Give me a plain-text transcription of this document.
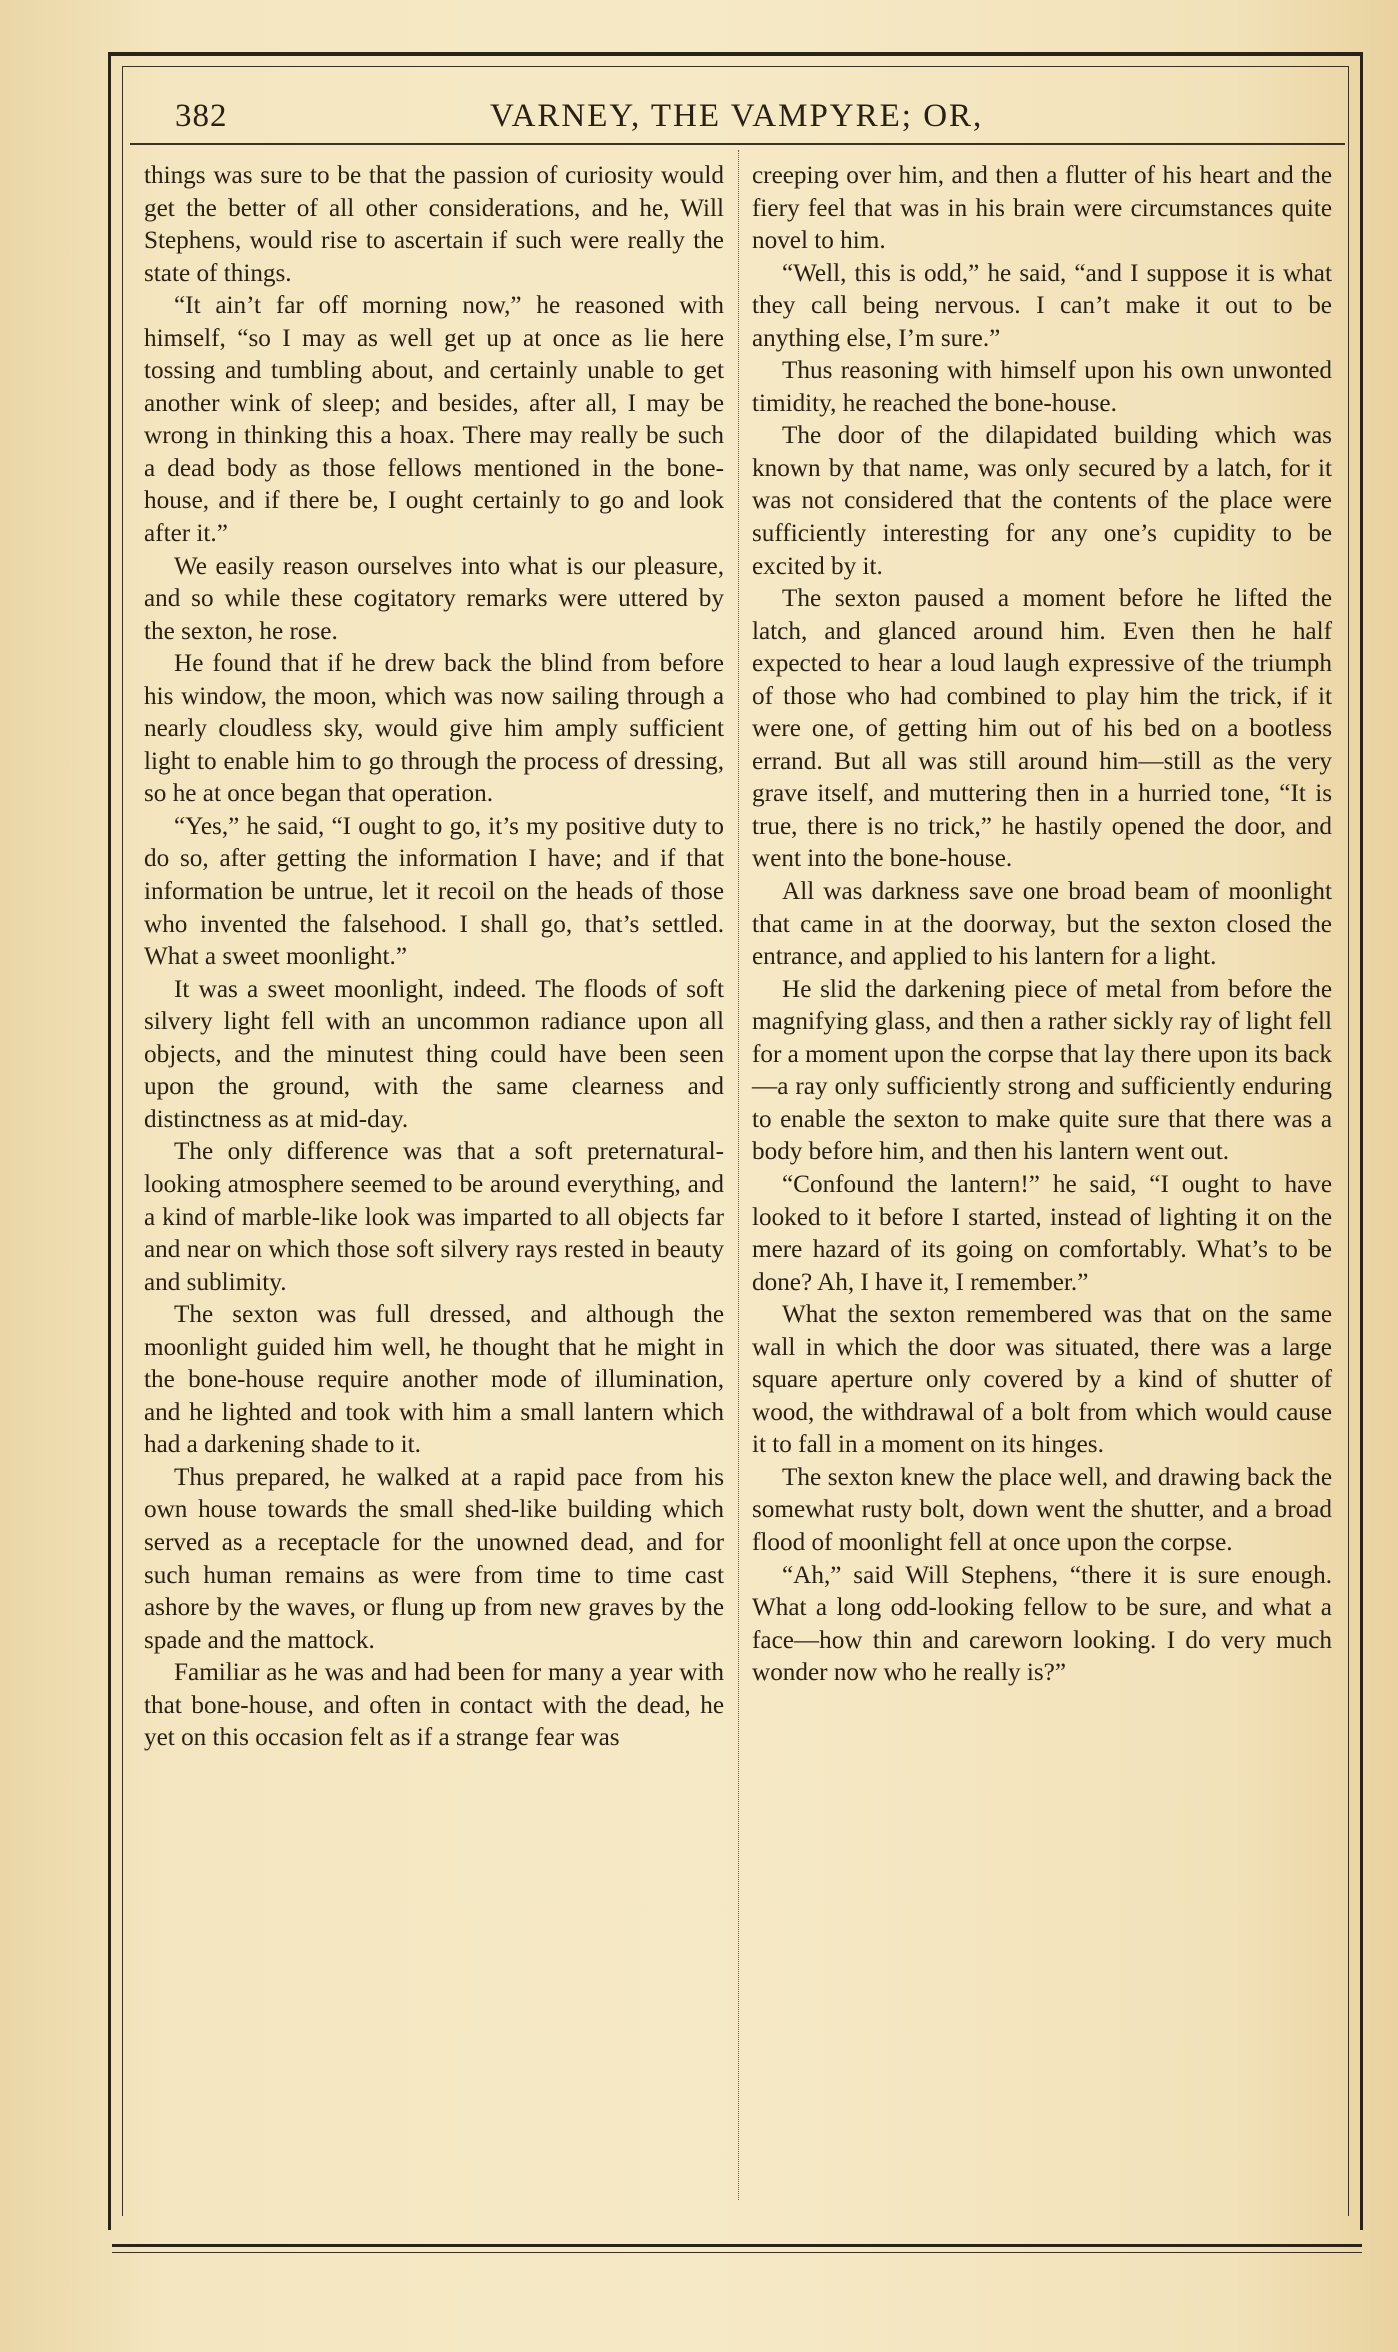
382	VARNEY, THE VAMPYRE; OR,

things was sure to be that the passion of curiosity would get the better of all other considerations, and he, Will Stephens, would rise to ascertain if such were really the state of things.

“It ain’t far off morning now,” he reasoned with himself, “so I may as well get up at once as lie here tossing and tumbling about, and certainly unable to get another wink of sleep; and besides, after all, I may be wrong in thinking this a hoax. There may really be such a dead body as those fellows mentioned in the bone-house, and if there be, I ought certainly to go and look after it.”

We easily reason ourselves into what is our pleasure, and so while these cogitatory remarks were uttered by the sexton, he rose.

He found that if he drew back the blind from before his window, the moon, which was now sailing through a nearly cloudless sky, would give him amply sufficient light to enable him to go through the process of dressing, so he at once began that operation.

“Yes,” he said, “I ought to go, it’s my positive duty to do so, after getting the information I have; and if that information be untrue, let it recoil on the heads of those who invented the falsehood. I shall go, that’s settled. What a sweet moonlight.”

It was a sweet moonlight, indeed. The floods of soft silvery light fell with an uncommon radiance upon all objects, and the minutest thing could have been seen upon the ground, with the same clearness and distinctness as at mid-day.

The only difference was that a soft preternatural-looking atmosphere seemed to be around everything, and a kind of marble-like look was imparted to all objects far and near on which those soft silvery rays rested in beauty and sublimity.

The sexton was full dressed, and although the moonlight guided him well, he thought that he might in the bone-house require another mode of illumination, and he lighted and took with him a small lantern which had a darkening shade to it.

Thus prepared, he walked at a rapid pace from his own house towards the small shed-like building which served as a receptacle for the unowned dead, and for such human remains as were from time to time cast ashore by the waves, or flung up from new graves by the spade and the mattock.

Familiar as he was and had been for many a year with that bone-house, and often in contact with the dead, he yet on this occasion felt as if a strange fear was

creeping over him, and then a flutter of his heart and the fiery feel that was in his brain were circumstances quite novel to him.

“Well, this is odd,” he said, “and I suppose it is what they call being nervous. I can’t make it out to be anything else, I’m sure.”

Thus reasoning with himself upon his own unwonted timidity, he reached the bone-house.

The door of the dilapidated building which was known by that name, was only secured by a latch, for it was not considered that the contents of the place were sufficiently interesting for any one’s cupidity to be excited by it.

The sexton paused a moment before he lifted the latch, and glanced around him. Even then he half expected to hear a loud laugh expressive of the triumph of those who had combined to play him the trick, if it were one, of getting him out of his bed on a bootless errand. But all was still around him—still as the very grave itself, and muttering then in a hurried tone, “It is true, there is no trick,” he hastily opened the door, and went into the bone-house.

All was darkness save one broad beam of moonlight that came in at the doorway, but the sexton closed the entrance, and applied to his lantern for a light.

He slid the darkening piece of metal from before the magnifying glass, and then a rather sickly ray of light fell for a moment upon the corpse that lay there upon its back—a ray only sufficiently strong and sufficiently enduring to enable the sexton to make quite sure that there was a body before him, and then his lantern went out.

“Confound the lantern!” he said, “I ought to have looked to it before I started, instead of lighting it on the mere hazard of its going on comfortably. What’s to be done? Ah, I have it, I remember.”

What the sexton remembered was that on the same wall in which the door was situated, there was a large square aperture only covered by a kind of shutter of wood, the withdrawal of a bolt from which would cause it to fall in a moment on its hinges.

The sexton knew the place well, and drawing back the somewhat rusty bolt, down went the shutter, and a broad flood of moonlight fell at once upon the corpse.

“Ah,” said Will Stephens, “there it is sure enough. What a long odd-looking fellow to be sure, and what a face—how thin and careworn looking. I do very much wonder now who he really is?”
